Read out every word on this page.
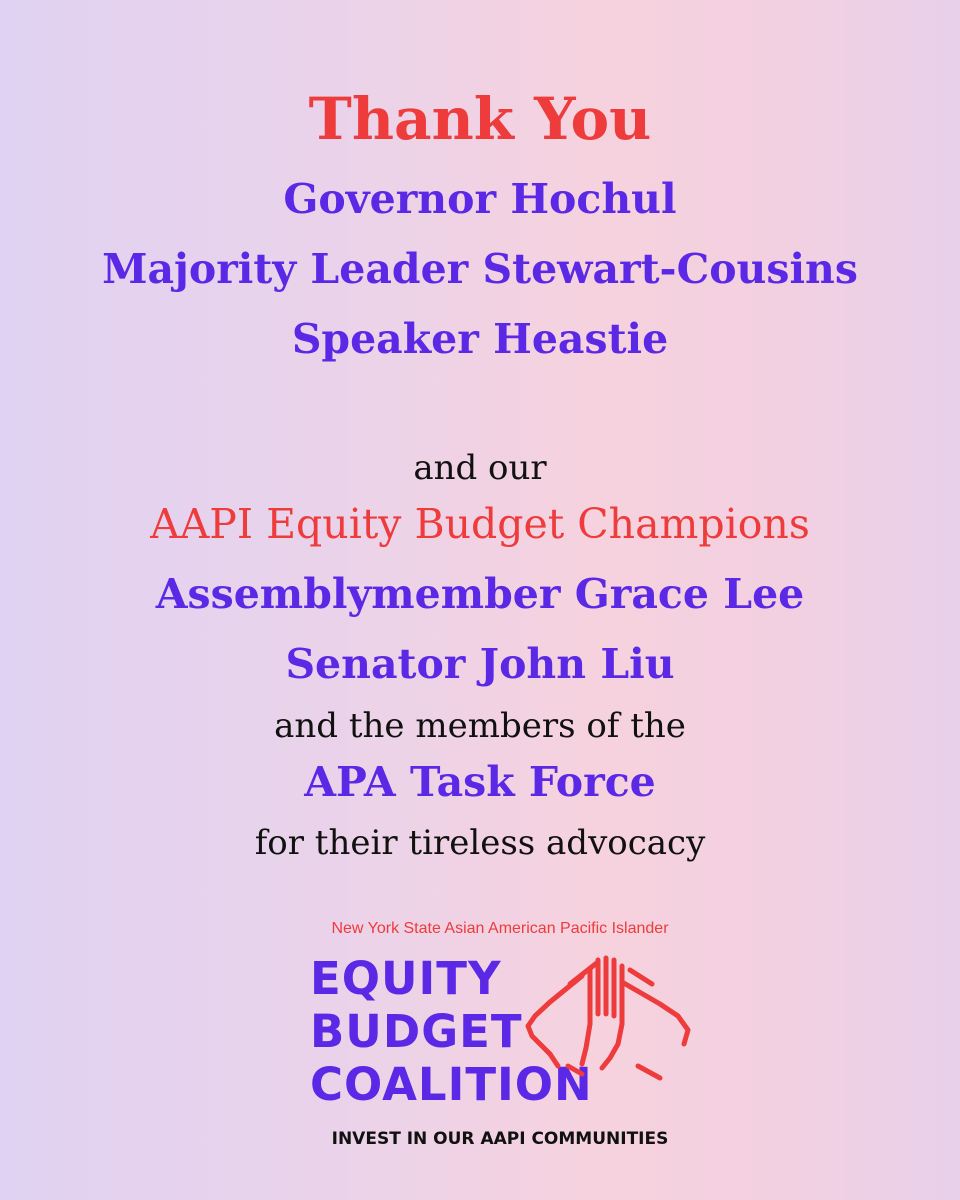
Thank You

Governor Hochul

Majority Leader Stewart-Cousins

Speaker Heastie

and our

AAPI Equity Budget Champions

Assemblymember Grace Lee

Senator John Liu

and the members of the

APA Task Force

for their tireless advocacy

New York State Asian American Pacific Islander
EQUITY
BUDGET
COALITION
INVEST IN OUR AAPI COMMUNITIES
